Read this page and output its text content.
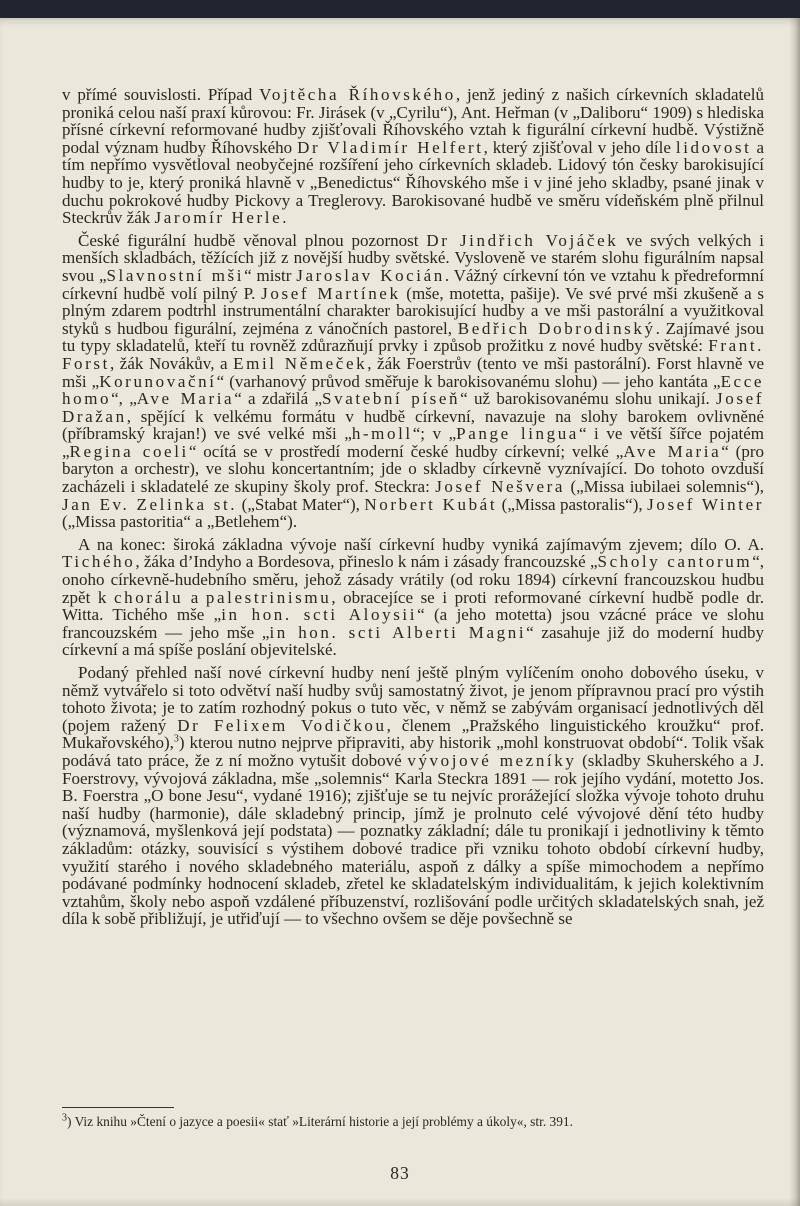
v přímé souvislosti. Případ Vojtěcha Říhovského, jenž jediný z našich církevních skladatelů proniká celou naší praxí kůrovou: Fr. Jirásek (v „Cyrilu“), Ant. Heřman (v „Daliboru“ 1909) s hlediska přísné církevní reformované hudby zjišťovali Říhovského vztah k figurální církevní hudbě. Výstižně podal význam hudby Říhovského Dr Vladimír Helfert, který zjišťoval v jeho díle lidovost a tím nepřímo vysvětloval neobyčejné rozšíření jeho církevních skladeb. Lidový tón česky barokisující hudby to je, který proniká hlavně v „Benedictus“ Říhovského mše i v jiné jeho skladby, psané jinak v duchu pokrokové hudby Pickovy a Treglerovy. Barokisované hudbě ve směru vídeňském plně přilnul Steckrův žák Jaromír Herle.

České figurální hudbě věnoval plnou pozornost Dr Jindřich Vojáček ve svých velkých i menších skladbách, těžících již z novější hudby světské. Vysloveně ve starém slohu figurálním napsal svou „Slavnostní mši“ mistr Jaroslav Kocián. Vážný církevní tón ve vztahu k předreformní církevní hudbě volí pilný P. Josef Martínek (mše, motetta, pašije). Ve své prvé mši zkušeně a s plným zdarem podtrhl instrumentální charakter barokisující hudby a ve mši pastorální a využitkoval styků s hudbou figurální, zejména z vánočních pastorel, Bedřich Dobrodinský. Zajímavé jsou tu typy skladatelů, kteří tu rovněž zdůrazňují prvky i způsob prožitku z nové hudby světské: Frant. Forst, žák Novákův, a Emil Němeček, žák Foerstrův (tento ve mši pastorální). Forst hlavně ve mši „Korunovační“ (varhanový průvod směřuje k barokisovanému slohu) — jeho kantáta „Ecce homo“, „Ave Maria“ a zdařilá „Svatební píseň“ už barokisovanému slohu unikají. Josef Dražan, spějící k velkému formátu v hudbě církevní, navazuje na slohy barokem ovlivněné (příbramský krajan!) ve své velké mši „h-moll“; v „Pange lingua“ i ve větší šířce pojatém „Regina coeli“ ocítá se v prostředí moderní české hudby církevní; velké „Ave Maria“ (pro baryton a orchestr), ve slohu koncertantním; jde o skladby církevně vyznívající. Do tohoto ovzduší zacházeli i skladatelé ze skupiny školy prof. Steckra: Josef Nešvera („Missa iubilaei solemnis“), Jan Ev. Zelinka st. („Stabat Mater“), Norbert Kubát („Missa pastoralis“), Josef Winter („Missa pastoritia“ a „Betlehem“).

A na konec: široká základna vývoje naší církevní hudby vyniká zajímavým zjevem; dílo O. A. Tichého, žáka d’Indyho a Bordesova, přineslo k nám i zásady francouzské „Scholy cantorum“, onoho církevně-hudebního směru, jehož zásady vrátily (od roku 1894) církevní francouzskou hudbu zpět k chorálu a palestrinismu, obracejíce se i proti reformované církevní hudbě podle dr. Witta. Tichého mše „in hon. scti Aloysii“ (a jeho motetta) jsou vzácné práce ve slohu francouzském — jeho mše „in hon. scti Alberti Magni“ zasahuje již do moderní hudby církevní a má spíše poslání objevitelské.

Podaný přehled naší nové církevní hudby není ještě plným vylíčením onoho dobového úseku, v němž vytvářelo si toto odvětví naší hudby svůj samostatný život, je jenom přípravnou prací pro výstih tohoto života; je to zatím rozhodný pokus o tuto věc, v němž se zabývám organisací jednotlivých děl (pojem ražený Dr Felixem Vodičkou, členem „Pražského linguistického kroužku“ prof. Mukařovského),$^3$) kterou nutno nejprve připraviti, aby historik „mohl konstruovat období“. Tolik však podává tato práce, že z ní možno vytušit dobové vývojové mezníky (skladby Skuherského a J. Foerstrovy, vývojová základna, mše „solemnis“ Karla Steckra 1891 — rok jejího vydání, motetto Jos. B. Foerstra „O bone Jesu“, vydané 1916); zjišťuje se tu nejvíc prorážející složka vývoje tohoto druhu naší hudby (harmonie), dále skladebný princip, jímž je prolnuto celé vývojové dění této hudby (významová, myšlenková její podstata) — poznatky základní; dále tu pronikají i jednotliviny k těmto základům: otázky, souvisící s výstihem dobové tradice při vzniku tohoto období církevní hudby, využití starého i nového skladebného materiálu, aspoň z dálky a spíše mimochodem a nepřímo podávané podmínky hodnocení skladeb, zřetel ke skladatelským individualitám, k jejich kolektivním vztahům, školy nebo aspoň vzdálené příbuzenství, rozlišování podle určitých skladatelských snah, jež díla k sobě přibližují, je utřiďují — to všechno ovšem se děje povšechně se

$^3$) Viz knihu »Čtení o jazyce a poesii« stať »Literární historie a její problémy a úkoly«, str. 391.
83
